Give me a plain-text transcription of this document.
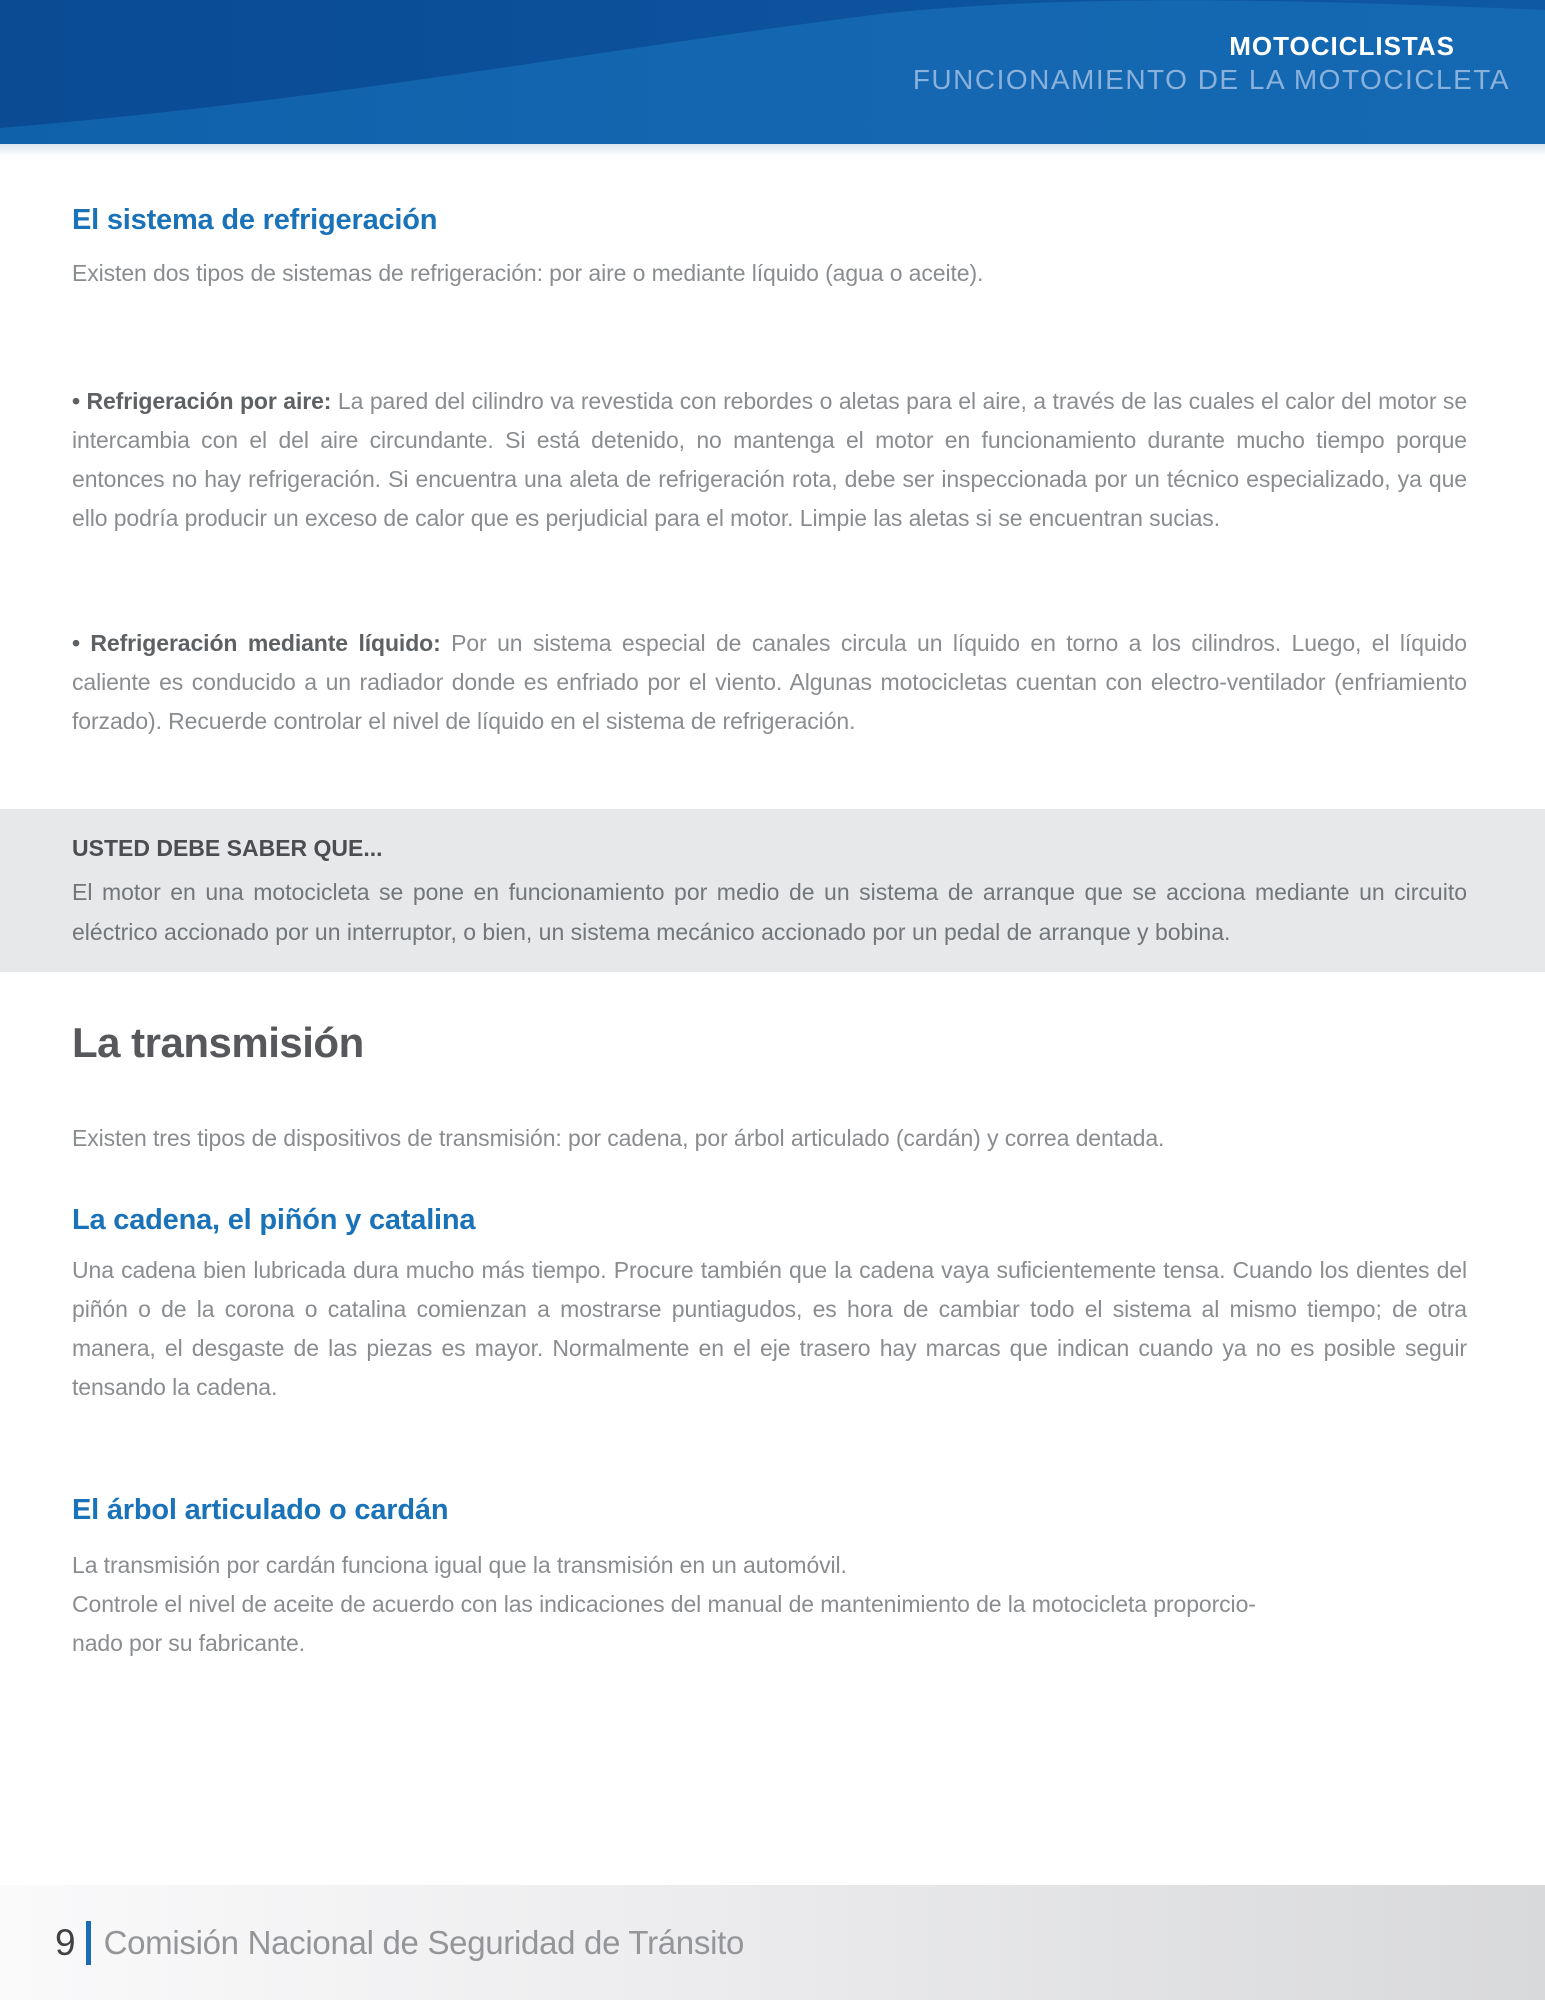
MOTOCICLISTAS
FUNCIONAMIENTO DE LA MOTOCICLETA
El sistema de refrigeración

Existen dos tipos de sistemas de refrigeración: por aire o mediante líquido (agua o aceite).

• Refrigeración por aire: La pared del cilindro va revestida con rebordes o aletas para el aire, a través de las cuales el calor del motor se intercambia con el del aire circundante. Si está detenido, no mantenga el motor en funcionamiento durante mucho tiempo porque entonces no hay refrigeración. Si encuentra una aleta de refrigeración rota, debe ser inspeccionada por un técnico especializado, ya que ello podría producir un exceso de calor que es perjudicial para el motor. Limpie las aletas si se encuentran sucias.

• Refrigeración mediante líquido: Por un sistema especial de canales circula un líquido en torno a los cilindros. Luego, el líquido caliente es conducido a un radiador donde es enfriado por el viento. Algunas motocicletas cuentan con electro-ventilador (enfriamiento forzado). Recuerde controlar el nivel de líquido en el sistema de refrigeración.

USTED DEBE SABER QUE...

El motor en una motocicleta se pone en funcionamiento por medio de un sistema de arranque que se acciona mediante un circuito eléctrico accionado por un interruptor, o bien, un sistema mecánico accionado por un pedal de arranque y bobina.

La transmisión

Existen tres tipos de dispositivos de transmisión: por cadena, por árbol articulado (cardán) y correa dentada.

La cadena, el piñón y catalina

Una cadena bien lubricada dura mucho más tiempo. Procure también que la cadena vaya suficientemente tensa. Cuando los dientes del piñón o de la corona o catalina comienzan a mostrarse puntiagudos, es hora de cambiar todo el sistema al mismo tiempo; de otra manera, el desgaste de las piezas es mayor. Normalmente en el eje trasero hay marcas que indican cuando ya no es posible seguir tensando la cadena.

El árbol articulado o cardán
La transmisión por cardán funciona igual que la transmisión en un automóvil.
Controle el nivel de aceite de acuerdo con las indicaciones del manual de mantenimiento de la motocicleta proporcio-
nado por su fabricante.
9 Comisión Nacional de Seguridad de Tránsito
